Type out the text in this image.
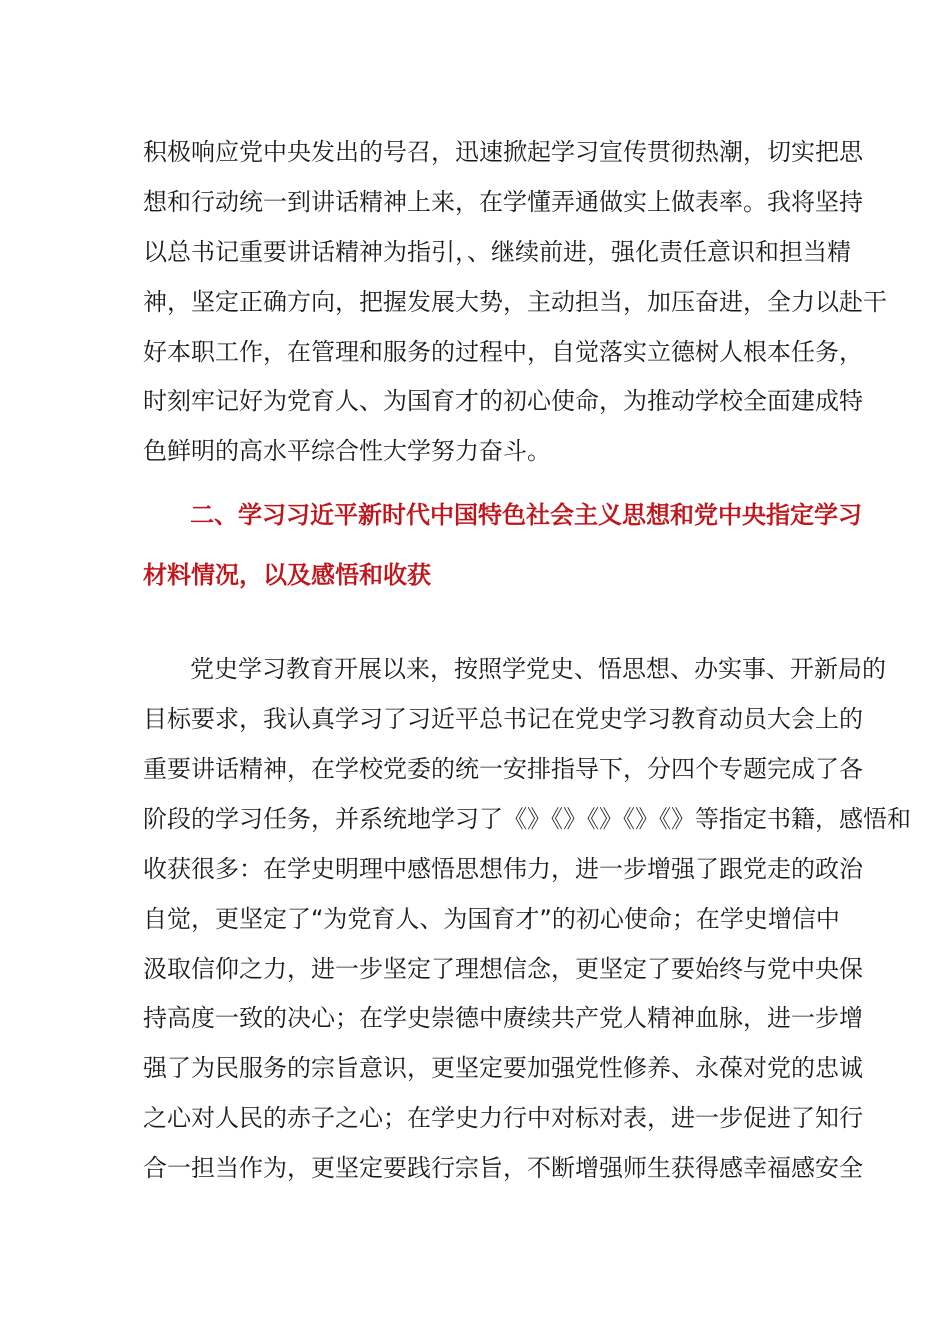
积极响应党中央发出的号召，迅速掀起学习宣传贯彻热潮，切实把思
想和行动统一到讲话精神上来，在学懂弄通做实上做表率。我将坚持
以总书记重要讲话精神为指引，、继续前进，强化责任意识和担当精
神，坚定正确方向，把握发展大势，主动担当，加压奋进，全力以赴干
好本职工作，在管理和服务的过程中，自觉落实立德树人根本任务，
时刻牢记好为党育人、为国育才的初心使命，为推动学校全面建成特
色鲜明的高水平综合性大学努力奋斗。
二、学习习近平新时代中国特色社会主义思想和党中央指定学习
材料情况，以及感悟和收获
党史学习教育开展以来，按照学党史、悟思想、办实事、开新局的
目标要求，我认真学习了习近平总书记在党史学习教育动员大会上的
重要讲话精神，在学校党委的统一安排指导下，分四个专题完成了各
阶段的学习任务，并系统地学习了《》《》《》《》《》等指定书籍，感悟和
收获很多：在学史明理中感悟思想伟力，进一步增强了跟党走的政治
自觉，更坚定了“为党育人、为国育才”的初心使命；在学史增信中
汲取信仰之力，进一步坚定了理想信念，更坚定了要始终与党中央保
持高度一致的决心；在学史崇德中赓续共产党人精神血脉，进一步增
强了为民服务的宗旨意识，更坚定要加强党性修养、永葆对党的忠诚
之心对人民的赤子之心；在学史力行中对标对表，进一步促进了知行
合一担当作为，更坚定要践行宗旨，不断增强师生获得感幸福感安全
